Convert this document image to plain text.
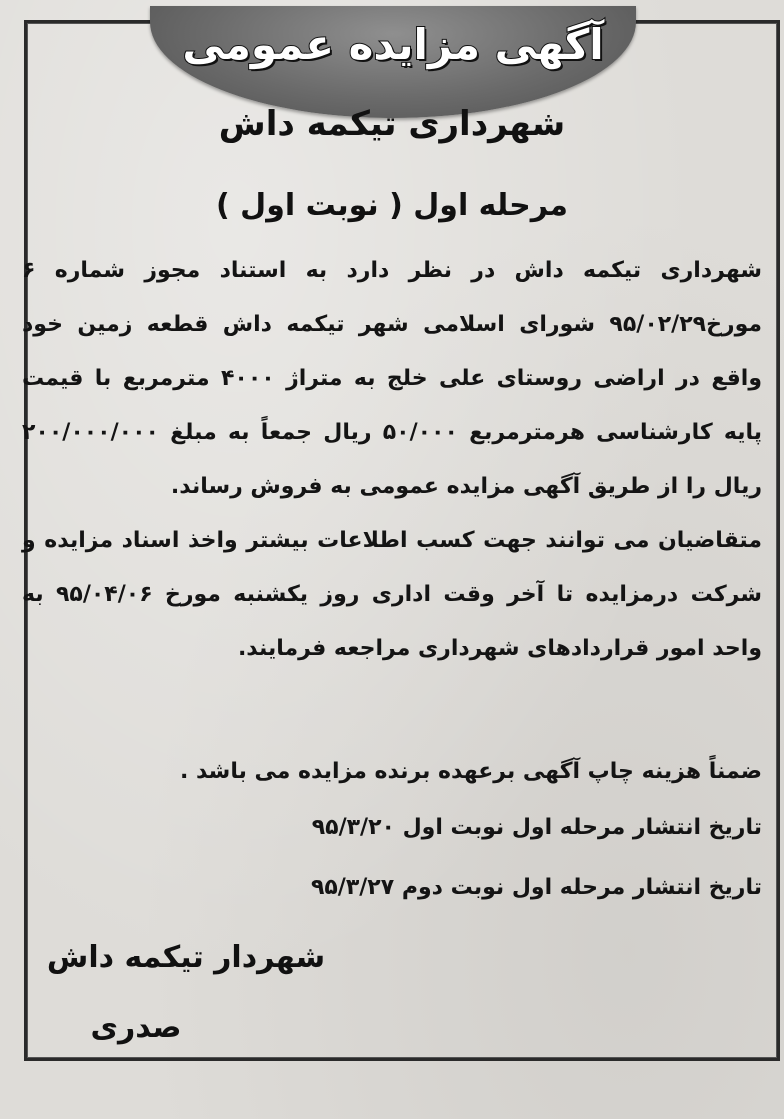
آگهی مزایده عمومی
شهرداری تیکمه داش
مرحله اول ( نوبت اول )

شهرداری تیکمه داش در نظر دارد به استناد مجوز شماره ۶ مورخ۹۵/۰۲/۲۹ شورای اسلامی شهر تیکمه داش قطعه زمین خود واقع در اراضی روستای علی خلج به متراژ ۴۰۰۰ مترمربع با قیمت پایه کارشناسی هرمترمربع ۵۰/۰۰۰ ریال جمعاً به مبلغ ۲۰۰/۰۰۰/۰۰۰ ریال را از طریق آگهی مزایده عمومی به فروش رساند.

متقاضیان می توانند جهت کسب اطلاعات بیشتر واخذ اسناد مزایده و شرکت درمزایده تا آخر وقت اداری روز یکشنبه مورخ ۹۵/۰۴/۰۶ به واحد امور قراردادهای شهرداری مراجعه فرمایند.

ضمناً هزینه چاپ آگهی برعهده برنده مزایده می باشد .
تاریخ انتشار مرحله اول نوبت اول ۹۵/۳/۲۰
تاریخ انتشار مرحله اول نوبت دوم ۹۵/۳/۲۷
شهردار تیکمه داش
صدری
